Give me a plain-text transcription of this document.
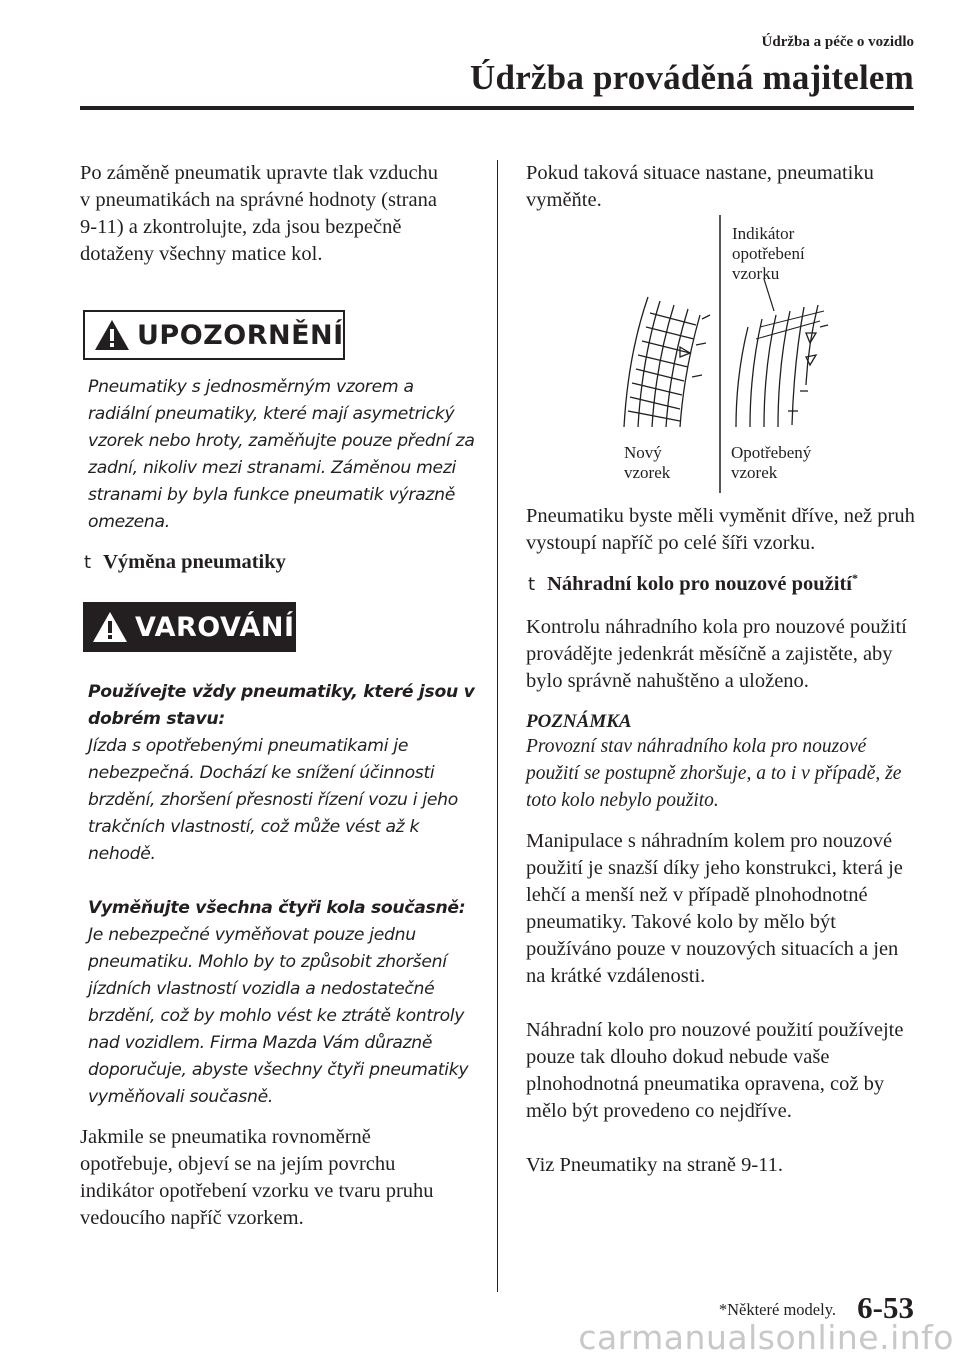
Údržba a péče o vozidlo
Údržba prováděná majitelem

Po záměně pneumatik upravte tlak vzduchu v pneumatikách na správné hodnoty (strana 9-11) a zkontrolujte, zda jsou bezpečně dotaženy všechny matice kol.

UPOZORNĚNÍ

Pneumatiky s jednosměrným vzorem a radiální pneumatiky, které mají asymetrický vzorek nebo hroty, zaměňujte pouze přední za zadní, nikoliv mezi stranami. Záměnou mezi stranami by byla funkce pneumatik výrazně omezena.

t Výměna pneumatiky
VAROVÁNÍ

Používejte vždy pneumatiky, které jsou v dobrém stavu:

Jízda s opotřebenými pneumatikami je nebezpečná. Dochází ke snížení účinnosti brzdění, zhoršení přesnosti řízení vozu i jeho trakčních vlastností, což může vést až k nehodě.

Vyměňujte všechna čtyři kola současně:

Je nebezpečné vyměňovat pouze jednu pneumatiku. Mohlo by to způsobit zhoršení jízdních vlastností vozidla a nedostatečné brzdění, což by mohlo vést ke ztrátě kontroly nad vozidlem. Firma Mazda Vám důrazně doporučuje, abyste všechny čtyři pneumatiky vyměňovali současně.

Jakmile se pneumatika rovnoměrně opotřebuje, objeví se na jejím povrchu indikátor opotřebení vzorku ve tvaru pruhu vedoucího napříč vzorkem.

Pokud taková situace nastane, pneumatiku vyměňte.

Indikátor
opotřebení
vzorku
Nový
vzorek
Opotřebený
vzorek

Pneumatiku byste měli vyměnit dříve, než pruh vystoupí napříč po celé šíři vzorku.

t Náhradní kolo pro nouzové použití*

Kontrolu náhradního kola pro nouzové použití provádějte jedenkrát měsíčně a zajistěte, aby bylo správně nahuštěno a uloženo.

POZNÁMKA

Provozní stav náhradního kola pro nouzové použití se postupně zhoršuje, a to i v případě, že toto kolo nebylo použito.

Manipulace s náhradním kolem pro nouzové použití je snazší díky jeho konstrukci, která je lehčí a menší než v případě plnohodnotné pneumatiky. Takové kolo by mělo být používáno pouze v nouzových situacích a jen na krátké vzdálenosti.

Náhradní kolo pro nouzové použití používejte pouze tak dlouho dokud nebude vaše plnohodnotná pneumatika opravena, což by mělo být provedeno co nejdříve.

Viz Pneumatiky na straně 9-11.

*Některé modely. 6-53
carmanualsonline.info
